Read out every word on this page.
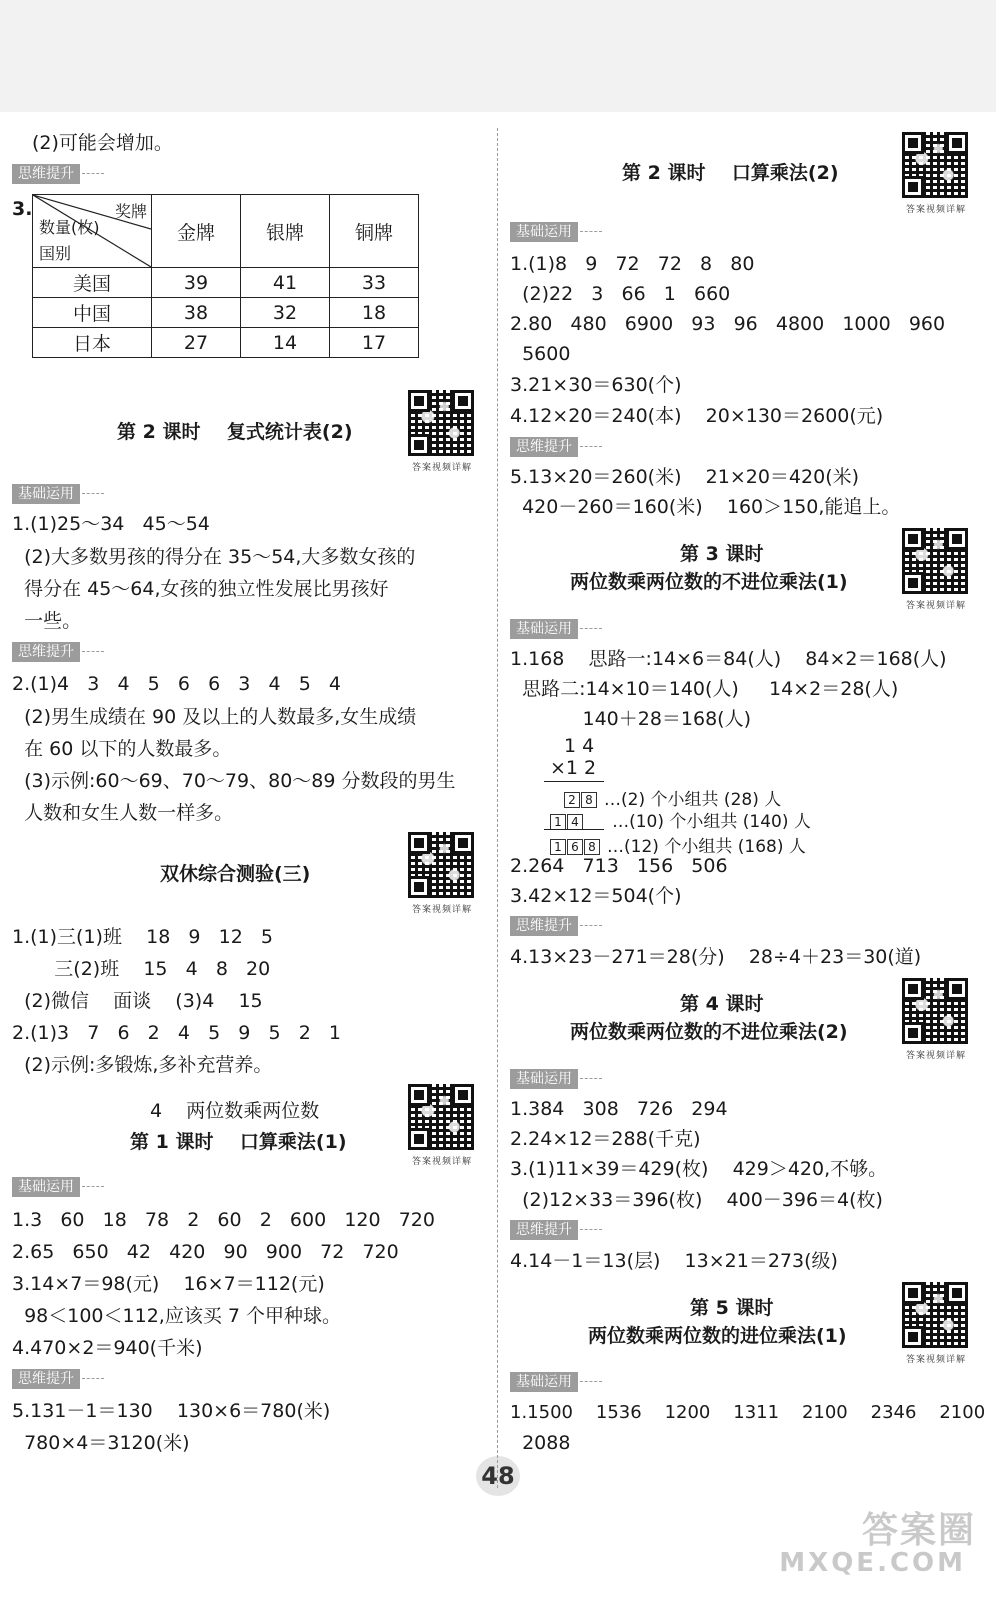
(2)可能会增加。
思维提升
3.	奖牌
数量(枚)
国别	金牌	银牌	铜牌
美国	39	41	33
中国	38	32	18
日本	27	14	17
第 2 课时    复式统计表(2)
答案视频详解
基础运用
1.(1)25～34   45～54
(2)大多数男孩的得分在 35～54,大多数女孩的
得分在 45～64,女孩的独立性发展比男孩好
一些。
思维提升
2.(1)4   3   4   5   6   6   3   4   5   4
(2)男生成绩在 90 及以上的人数最多,女生成绩
在 60 以下的人数最多。
(3)示例:60～69、70～79、80～89 分数段的男生
人数和女生人数一样多。
双休综合测验(三)
答案视频详解
1.(1)三(1)班    18   9   12   5
三(2)班    15   4   8   20
(2)微信    面谈    (3)4    15
2.(1)3   7   6   2   4   5   9   5   2   1
(2)示例:多锻炼,多补充营养。
4    两位数乘两位数
第 1 课时    口算乘法(1)
答案视频详解
基础运用
1.3   60   18   78   2   60   2   600   120   720
2.65   650   42   420   90   900   72   720
3.14×7＝98(元)    16×7＝112(元)
98＜100＜112,应该买 7 个甲种球。
4.470×2＝940(千米)
思维提升
5.131－1＝130    130×6＝780(米)
780×4＝3120(米)
第 2 课时    口算乘法(2)
答案视频详解
基础运用
1.(1)8   9   72   72   8   80
(2)22   3   66   1   660
2.80   480   6900   93   96   4800   1000   960
5600
3.21×30＝630(个)
4.12×20＝240(本)    20×130＝2600(元)
思维提升
5.13×20＝260(米)    21×20＝420(米)
420－260＝160(米)    160＞150,能追上。
第 3 课时
两位数乘两位数的不进位乘法(1)
答案视频详解
基础运用
1.168    思路一:14×6＝84(人)    84×2＝168(人)
思路二:14×10＝140(人)     14×2＝28(人)
140＋28＝168(人)
1 4
×1 2
2 8 …(2) 个小组共 (28) 人
1 4 …(10) 个小组共 (140) 人
1 6 8 …(12) 个小组共 (168) 人
2.264   713   156   506
3.42×12＝504(个)
思维提升
4.13×23－271＝28(分)    28÷4＋23＝30(道)
第 4 课时
两位数乘两位数的不进位乘法(2)
答案视频详解
基础运用
1.384   308   726   294
2.24×12＝288(千克)
3.(1)11×39＝429(枚)    429＞420,不够。
(2)12×33＝396(枚)    400－396＝4(枚)
思维提升
4.14－1＝13(层)    13×21＝273(级)
第 5 课时
两位数乘两位数的进位乘法(1)
答案视频详解
基础运用
1.1500    1536    1200    1311    2100    2346    2100
2088
48
答案圈
MXQE.COM
